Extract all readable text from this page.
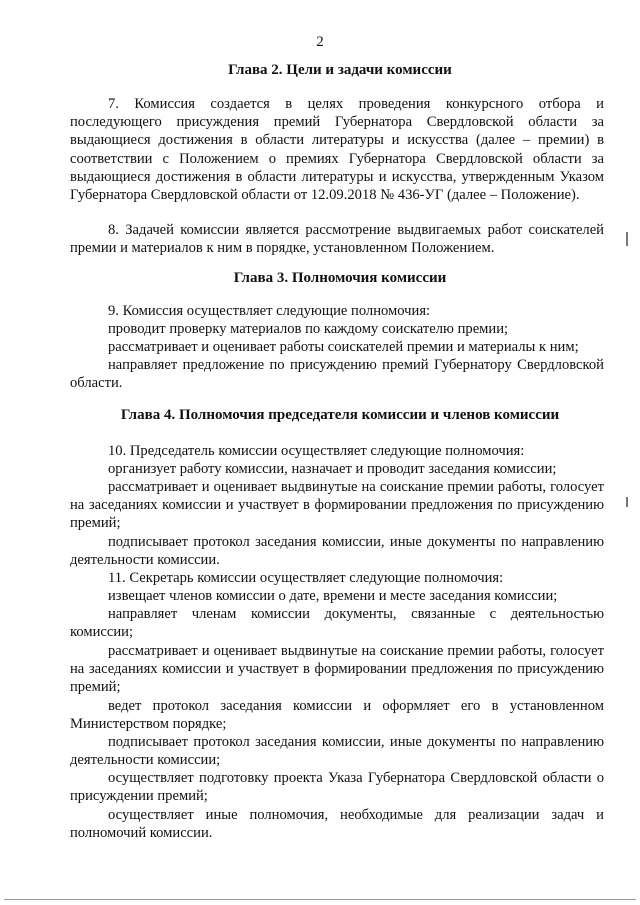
2
Глава 2. Цели и задачи комиссии

7. Комиссия создается в целях проведения конкурсного отбора и последующего присуждения премий Губернатора Свердловской области за выдающиеся достижения в области литературы и искусства (далее – премии) в соответствии с Положением о премиях Губернатора Свердловской области за выдающиеся достижения в области литературы и искусства, утвержденным Указом Губернатора Свердловской области от 12.09.2018 № 436-УГ (далее – Положение).

8. Задачей комиссии является рассмотрение выдвигаемых работ соискателей премии и материалов к ним в порядке, установленном Положением.

Глава 3. Полномочия комиссии

9. Комиссия осуществляет следующие полномочия:

проводит проверку материалов по каждому соискателю премии;

рассматривает и оценивает работы соискателей премии и материалы к ним;

направляет предложение по присуждению премий Губернатору Свердловской области.

Глава 4. Полномочия председателя комиссии и членов комиссии

10. Председатель комиссии осуществляет следующие полномочия:

организует работу комиссии, назначает и проводит заседания комиссии;

рассматривает и оценивает выдвинутые на соискание премии работы, голосует на заседаниях комиссии и участвует в формировании предложения по присуждению премий;

подписывает протокол заседания комиссии, иные документы по направлению деятельности комиссии.

11. Секретарь комиссии осуществляет следующие полномочия:

извещает членов комиссии о дате, времени и месте заседания комиссии;

направляет членам комиссии документы, связанные с деятельностью комиссии;

рассматривает и оценивает выдвинутые на соискание премии работы, голосует на заседаниях комиссии и участвует в формировании предложения по присуждению премий;

ведет протокол заседания комиссии и оформляет его в установленном Министерством порядке;

подписывает протокол заседания комиссии, иные документы по направлению деятельности комиссии;

осуществляет подготовку проекта Указа Губернатора Свердловской области о присуждении премий;

осуществляет иные полномочия, необходимые для реализации задач и полномочий комиссии.
